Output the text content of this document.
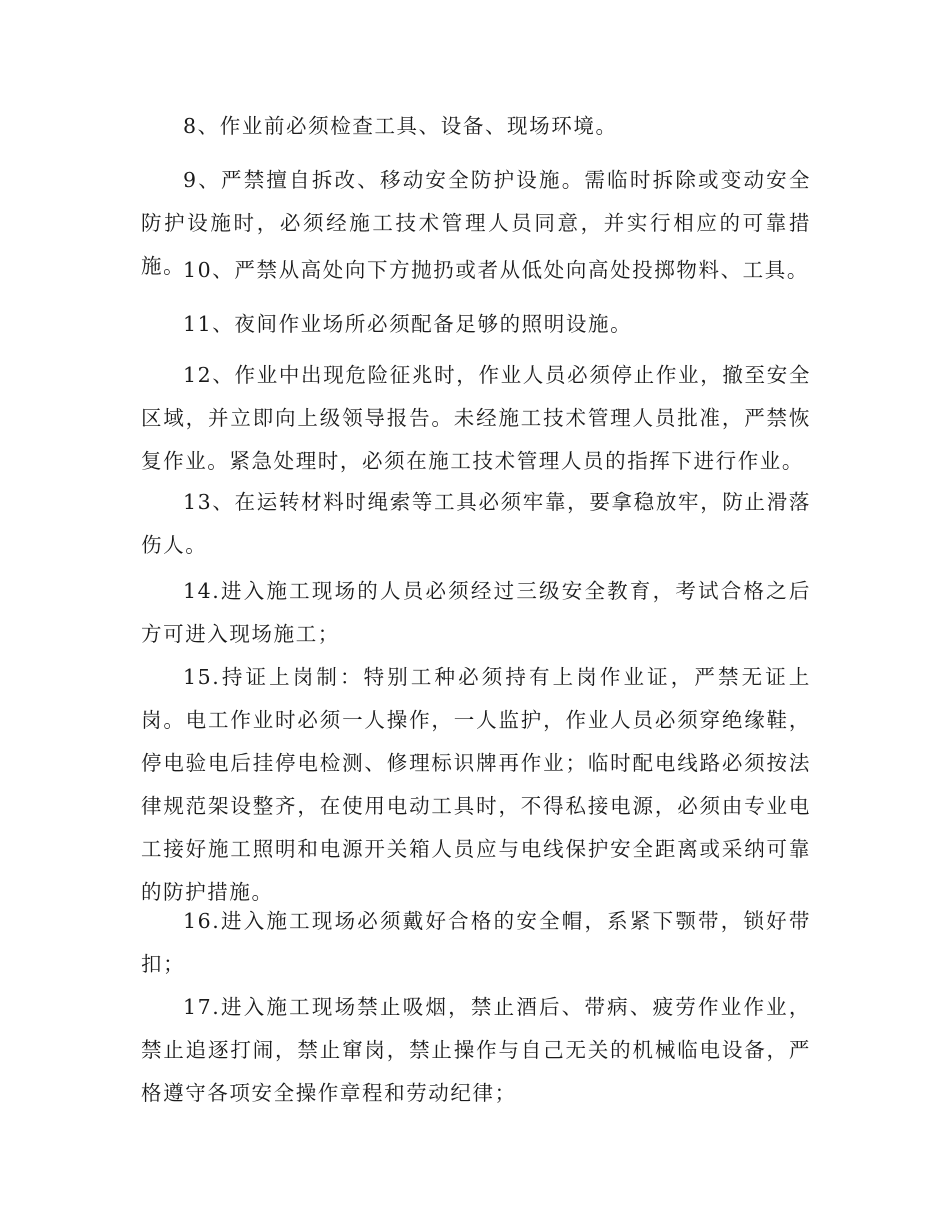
8、作业前必须检查工具、设备、现场环境。

9、严禁擅自拆改、移动安全防护设施。需临时拆除或变动安全防护设施时，必须经施工技术管理人员同意，并实行相应的可靠措施。

10、严禁从高处向下方抛扔或者从低处向高处投掷物料、工具。

11、夜间作业场所必须配备足够的照明设施。

12、作业中出现危险征兆时，作业人员必须停止作业，撤至安全区域，并立即向上级领导报告。未经施工技术管理人员批准，严禁恢复作业。紧急处理时，必须在施工技术管理人员的指挥下进行作业。

13、在运转材料时绳索等工具必须牢靠，要拿稳放牢，防止滑落伤人。

14.进入施工现场的人员必须经过三级安全教育，考试合格之后方可进入现场施工；

15.持证上岗制：特别工种必须持有上岗作业证，严禁无证上岗。电工作业时必须一人操作，一人监护，作业人员必须穿绝缘鞋，停电验电后挂停电检测、修理标识牌再作业；临时配电线路必须按法律规范架设整齐，在使用电动工具时，不得私接电源，必须由专业电工接好施工照明和电源开关箱人员应与电线保护安全距离或采纳可靠的防护措施。

16.进入施工现场必须戴好合格的安全帽，系紧下颚带，锁好带扣；

17.进入施工现场禁止吸烟，禁止酒后、带病、疲劳作业作业，禁止追逐打闹，禁止窜岗，禁止操作与自己无关的机械临电设备，严格遵守各项安全操作章程和劳动纪律；
